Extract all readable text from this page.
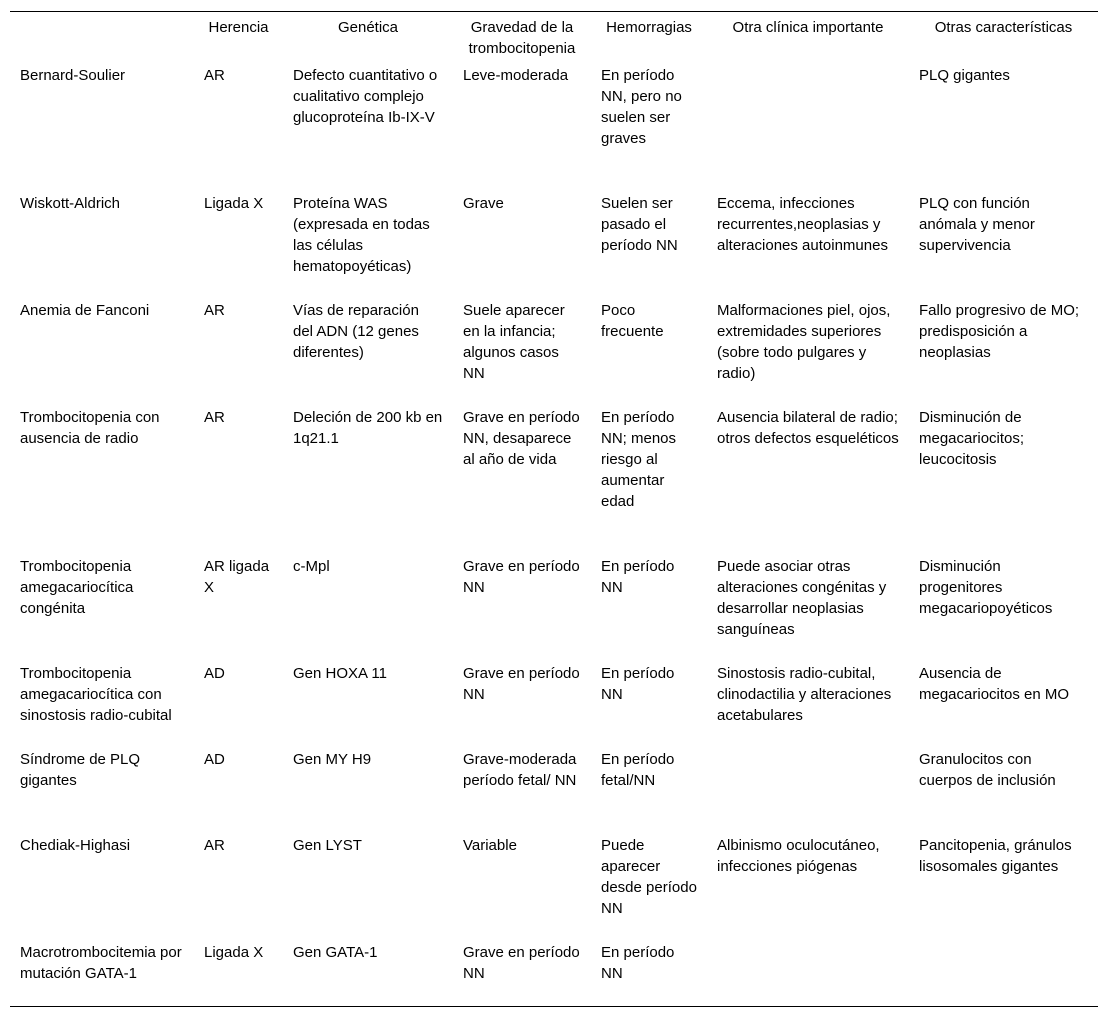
	Herencia	Genética	Gravedad de la trombocitopenia	Hemorragias	Otra clínica importante	Otras características
Bernard-Soulier	AR	Defecto cuantitativo o cualitativo complejo glucoproteína Ib-IX-V	Leve-moderada	En período NN, pero no suelen ser graves		PLQ gigantes
Wiskott-Aldrich	Ligada X	Proteína WAS (expresada en todas las células hematopoyéticas)	Grave	Suelen ser pasado el período NN	Eccema, infecciones recurrentes,neoplasias y alteraciones autoinmunes	PLQ con función anómala y menor supervivencia
Anemia de Fanconi	AR	Vías de reparación del ADN (12 genes diferentes)	Suele aparecer en la infancia; algunos casos NN	Poco frecuente	Malformaciones piel, ojos, extremidades superiores (sobre todo pulgares y radio)	Fallo progresivo de MO; predisposición a neoplasias
Trombocitopenia con ausencia de radio	AR	Deleción de 200 kb en 1q21.1	Grave en período NN, desaparece al año de vida	En período NN; menos riesgo al aumentar edad	Ausencia bilateral de radio; otros defectos esqueléticos	Disminución de megacariocitos; leucocitosis
Trombocitopenia amegacariocítica congénita	AR ligada X	c-Mpl	Grave en período NN	En período NN	Puede asociar otras alteraciones congénitas y desarrollar neoplasias sanguíneas	Disminución progenitores megacariopoyéticos
Trombocitopenia amegacariocítica con sinostosis radio-cubital	AD	Gen HOXA 11	Grave en período NN	En período NN	Sinostosis radio-cubital, clinodactilia y alteraciones acetabulares	Ausencia de megacariocitos en MO
Síndrome de PLQ gigantes	AD	Gen MY H9	Grave-moderada período fetal/ NN	En período fetal/NN		Granulocitos con cuerpos de inclusión
Chediak-Highasi	AR	Gen LYST	Variable	Puede aparecer desde período NN	Albinismo oculocutáneo, infecciones piógenas	Pancitopenia, gránulos lisosomales gigantes
Macrotrombocitemia por mutación GATA-1	Ligada X	Gen GATA-1	Grave en período NN	En período NN		
